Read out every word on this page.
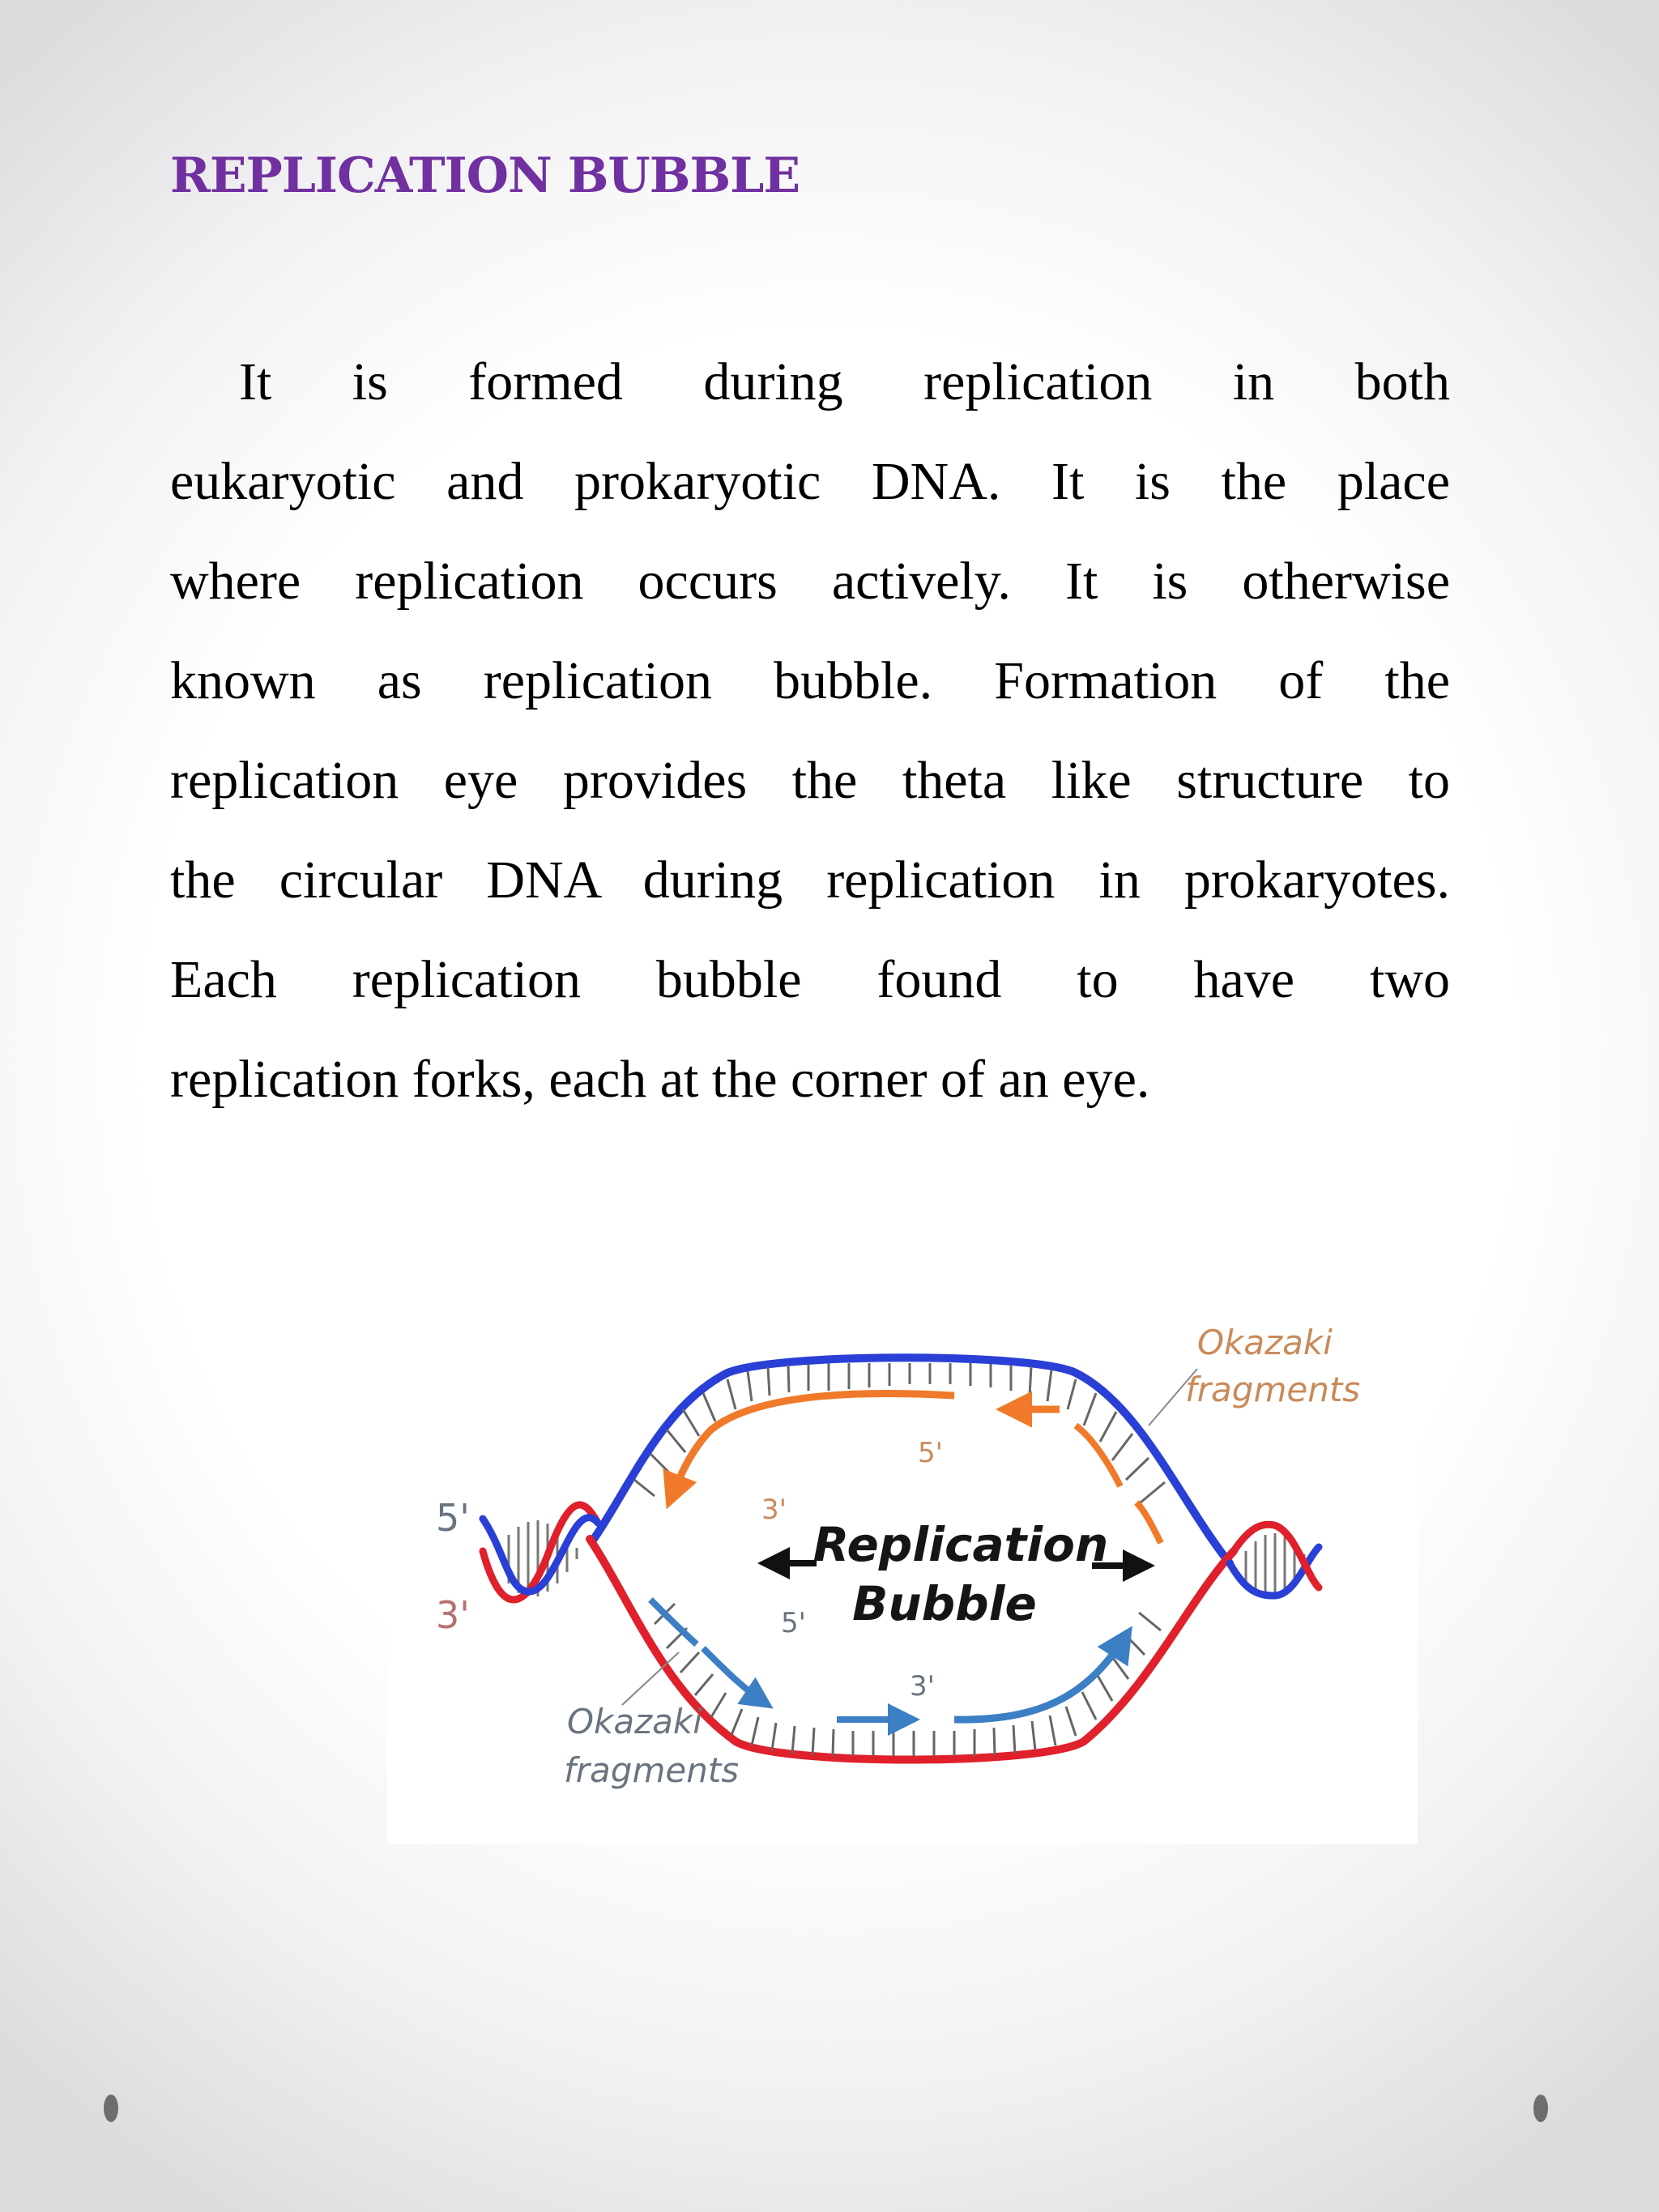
REPLICATION BUBBLE
It is formed during replication in both
eukaryotic and prokaryotic DNA. It is the place
where replication occurs actively. It is otherwise
known as replication bubble. Formation of the
replication eye provides the theta like structure to
the circular DNA during replication in prokaryotes.
Each replication bubble found to have two
replication forks, each at the corner of an eye.
Replication
Bubble
Okazaki
fragments
Okazaki
fragments
5'
3'
5'
3'
5'
3'
